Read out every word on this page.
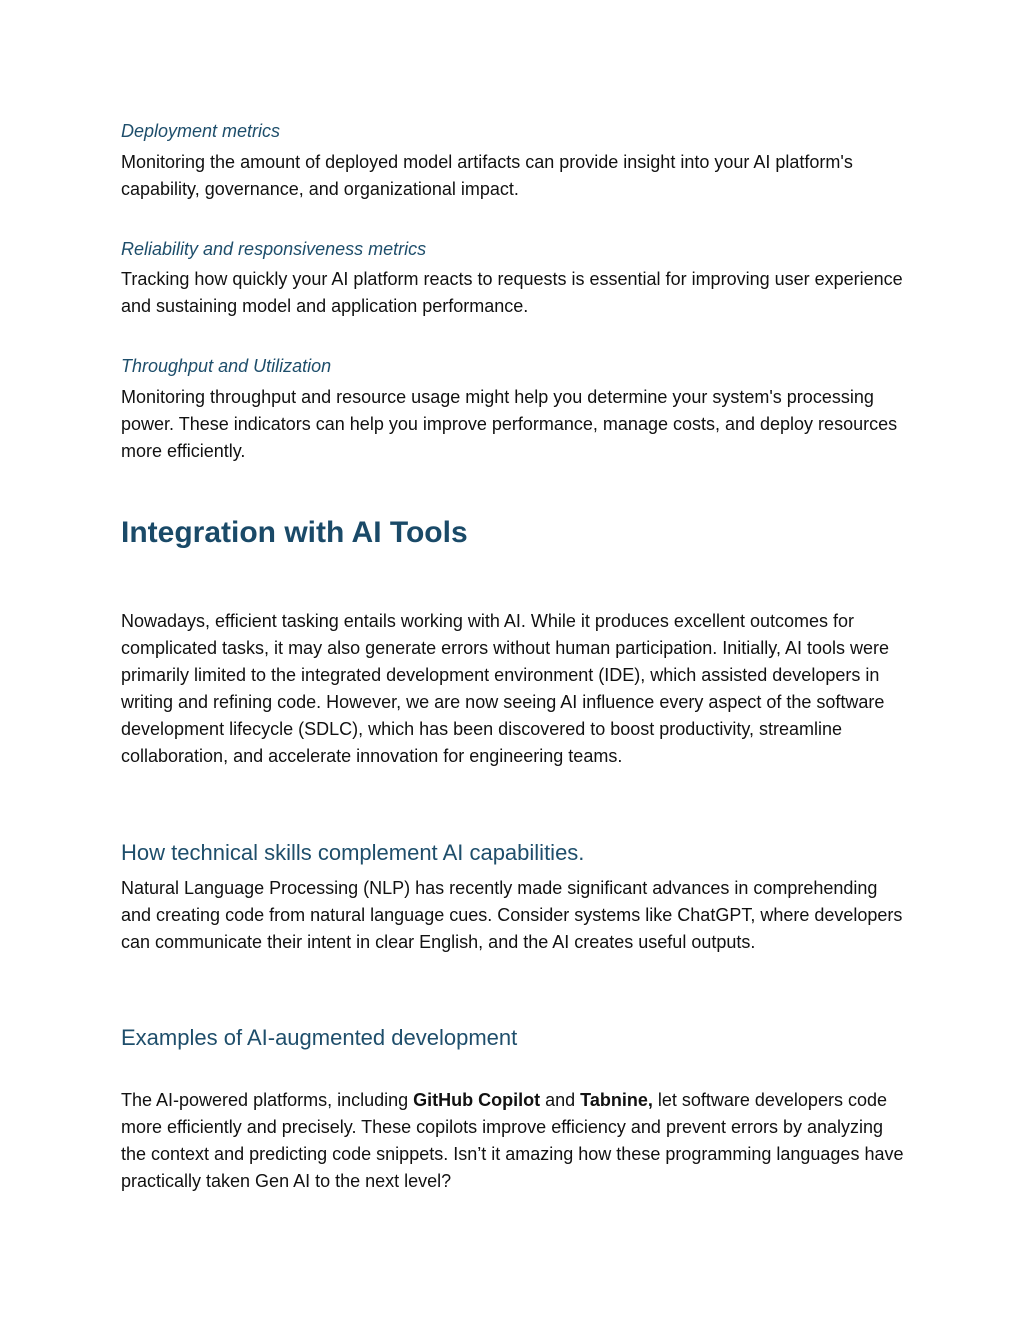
Deployment metrics

Monitoring the amount of deployed model artifacts can provide insight into your AI platform's capability, governance, and organizational impact.

Reliability and responsiveness metrics

Tracking how quickly your AI platform reacts to requests is essential for improving user experience and sustaining model and application performance.

Throughput and Utilization

Monitoring throughput and resource usage might help you determine your system's processing power. These indicators can help you improve performance, manage costs, and deploy resources more efficiently.

Integration with AI Tools

Nowadays, efficient tasking entails working with AI. While it produces excellent outcomes for complicated tasks, it may also generate errors without human participation. Initially, AI tools were primarily limited to the integrated development environment (IDE), which assisted developers in writing and refining code. However, we are now seeing AI influence every aspect of the software development lifecycle (SDLC), which has been discovered to boost productivity, streamline collaboration, and accelerate innovation for engineering teams.

How technical skills complement AI capabilities.

Natural Language Processing (NLP) has recently made significant advances in comprehending and creating code from natural language cues. Consider systems like ChatGPT, where developers can communicate their intent in clear English, and the AI creates useful outputs.

Examples of AI-augmented development

The AI-powered platforms, including GitHub Copilot and Tabnine, let software developers code more efficiently and precisely. These copilots improve efficiency and prevent errors by analyzing the context and predicting code snippets. Isn’t it amazing how these programming languages have practically taken Gen AI to the next level?
